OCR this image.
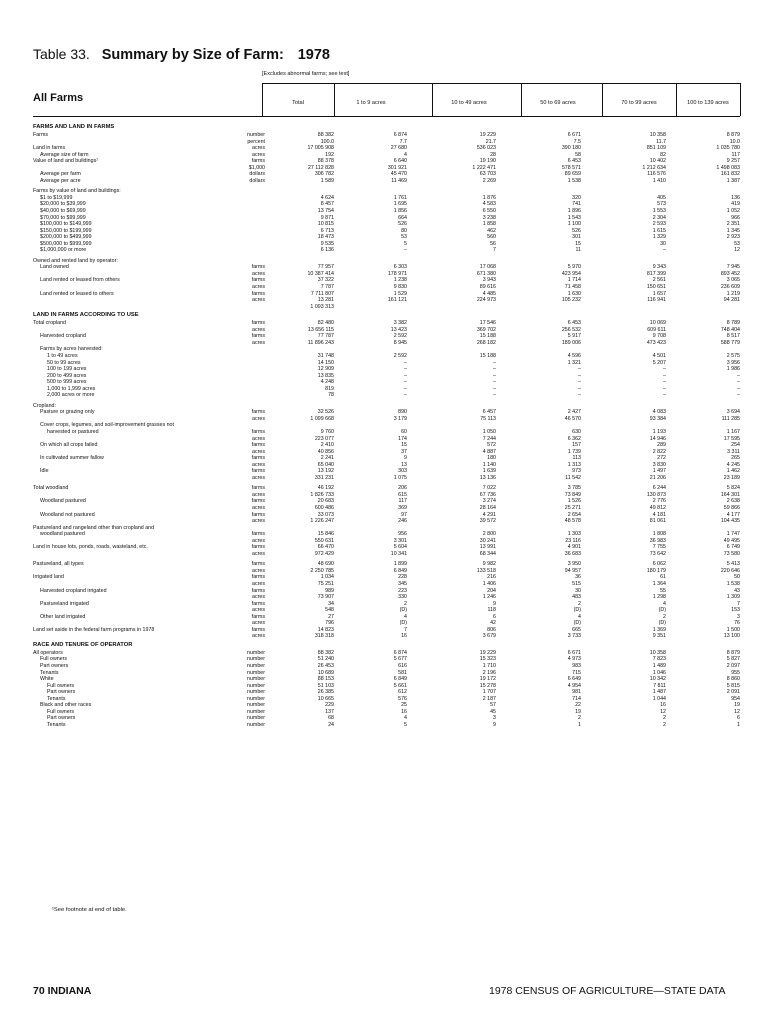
Table 33. Summary by Size of Farm: 1978
[Excludes abnormal farms; see text]
All Farms	Total	1 to 9 acres	10 to 49 acres	50 to 69 acres	70 to 99 acres	100 to 139 acres
FARMS AND LAND IN FARMS
Farms	number	88 382	6 874	19 229	6 671	10 358	8 879
percent	100.0	7.7	21.7	7.5	11.7	10.0
Land in farms	acres	17 005 908	27 680	536 023	390 180	851 109	1 035 780
Average size of farm	acres	192	4	28	58	82	117
Value of land and buildings¹	farms	88 378	6 640	19 190	6 453	10 402	9 257
$1,000	27 112 828	301 921	1 222 471	578 571	1 212 634	1 498 083
Average per farm	dollars	306 782	45 470	63 703	89 659	116 576	161 832
Average per acre	dollars	1 589	11 469	2 269	1 538	1 410	1 387
Farms by value of land and buildings:
$1 to $19,999	4 624	1 761	1 876	320	405	136
$20,000 to $39,999	8 457	1 695	4 583	741	573	419
$40,000 to $69,999	13 754	1 856	6 550	1 896	1 553	1 052
$70,000 to $99,999	9 871	664	3 238	1 543	2 304	966
$100,000 to $149,999	10 815	526	1 858	1 100	2 593	2 351
$150,000 to $199,999	6 713	80	462	526	1 615	1 345
$200,000 to $499,999	18 473	53	560	301	1 329	2 923
$500,000 to $999,999	9 535	5	56	15	30	53
$1,000,000 or more	6 136	–	7	11	–	12
Owned and rented land by operator:
Land owned	farms	77 957	6 303	17 068	5 970	9 343	7 945
acres	10 387 414	178 971	671 380	423 954	817 399	893 452
Land rented or leased from others	farms	37 322	1 238	3 943	1 714	2 561	3 065
acres	7 787	9 830	89 616	71 458	150 651	236 609
Land rented or leased to others	farms	7 711 807	1 529	4 485	1 630	1 657	1 219
acres	13 281	161 121	224 973	105 232	116 941	94 281
1 093 313
LAND IN FARMS ACCORDING TO USE
Total cropland	farms	82 480	3 382	17 546	6 453	10 069	8 789
acres	13 656 115	13 423	369 702	256 532	609 611	748 404
Harvested cropland	farms	77 787	2 592	15 188	5 917	9 708	8 517
acres	11 896 243	8 945	268 182	189 006	473 423	588 779
Farms by acres harvested:
1 to 49 acres	31 748	2 592	15 188	4 596	4 501	2 575
50 to 99 acres	14 150	–	–	1 321	5 207	3 956
100 to 199 acres	12 909	–	–	–	–	1 986
200 to 499 acres	13 835	–	–	–	–	–
500 to 999 acres	4 248	–	–	–	–	–
1,000 to 1,999 acres	819	–	–	–	–	–
2,000 acres or more	78	–	–	–	–	–
Cropland:
Pasture or grazing only	farms	32 526	890	6 457	2 427	4 083	3 694
acres	1 099 668	3 179	75 113	46 570	93 384	111 285
Cover crops, legumes, and soil-improvement grasses not
harvested or pastured	farms	9 760	60	1 050	630	1 193	1 167
acres	223 077	174	7 244	6 362	14 946	17 595
On which all crops failed	farms	2 410	15	572	157	289	254
acres	40 856	37	4 887	1 739	2 822	3 311
In cultivated summer fallow	farms	2 241	9	180	113	272	265
acres	65 040	13	1 140	1 313	3 830	4 245
Idle	farms	13 192	303	1 639	973	1 497	1 462
acres	331 231	1 075	13 136	11 542	21 206	23 189
Total woodland	farms	46 192	206	7 022	3 785	6 244	5 824
acres	1 826 733	615	67 736	73 849	130 873	164 301
Woodland pastured	farms	20 683	117	3 274	1 526	2 776	2 638
acres	600 486	369	28 164	25 271	49 812	59 866
Woodland not pastured	farms	33 073	97	4 291	2 654	4 181	4 177
acres	1 226 247	246	39 572	48 578	81 061	104 435
Pastureland and rangeland other than cropland and
woodland pastured	farms	15 846	956	2 800	1 303	1 808	1 747
acres	550 631	3 301	30 241	23 116	36 983	49 495
Land in house lots, ponds, roads, wasteland, etc.	farms	66 470	5 604	13 991	4 901	7 755	6 749
acres	972 429	10 341	68 344	36 683	73 642	73 580
Pastureland, all types	farms	48 690	1 899	9 982	3 950	6 062	5 413
acres	2 250 785	6 849	133 518	94 957	180 179	220 646
Irrigated land	farms	1 034	228	216	36	61	50
acres	75 251	345	1 406	515	1 364	1 538
Harvested cropland irrigated	farms	989	223	204	30	55	43
acres	73 907	330	1 246	483	1 298	1 309
Pastureland irrigated	farms	34	2	9	2	4	7
acres	548	(D)	118	(D)	(D)	153
Other land irrigated	farms	27	4	6	4	2	3
acres	796	(D)	42	(D)	(D)	76
Land set aside in the federal farm programs in 1978	farms	14 823	7	806	665	1 369	1 500
acres	318 318	16	3 679	3 733	9 351	13 100
RACE AND TENURE OF OPERATOR
All operators	number	88 382	6 874	19 229	6 671	10 358	8 879
Full owners	number	51 240	5 677	15 323	4 973	7 823	5 827
Part owners	number	26 453	616	1 710	983	1 489	2 097
Tenants	number	10 689	581	2 196	715	1 046	955
White	number	88 153	6 849	19 172	6 649	10 342	8 860
Full owners	number	51 103	5 661	15 278	4 954	7 811	5 815
Part owners	number	26 385	612	1 707	981	1 487	2 091
Tenants	number	10 665	576	2 187	714	1 044	954
Black and other races	number	229	25	57	22	16	19
Full owners	number	137	16	45	19	12	12
Part owners	number	68	4	3	2	2	6
Tenants	number	24	5	9	1	2	1
¹See footnote at end of table.
70 INDIANA	1978 CENSUS OF AGRICULTURE—STATE DATA
